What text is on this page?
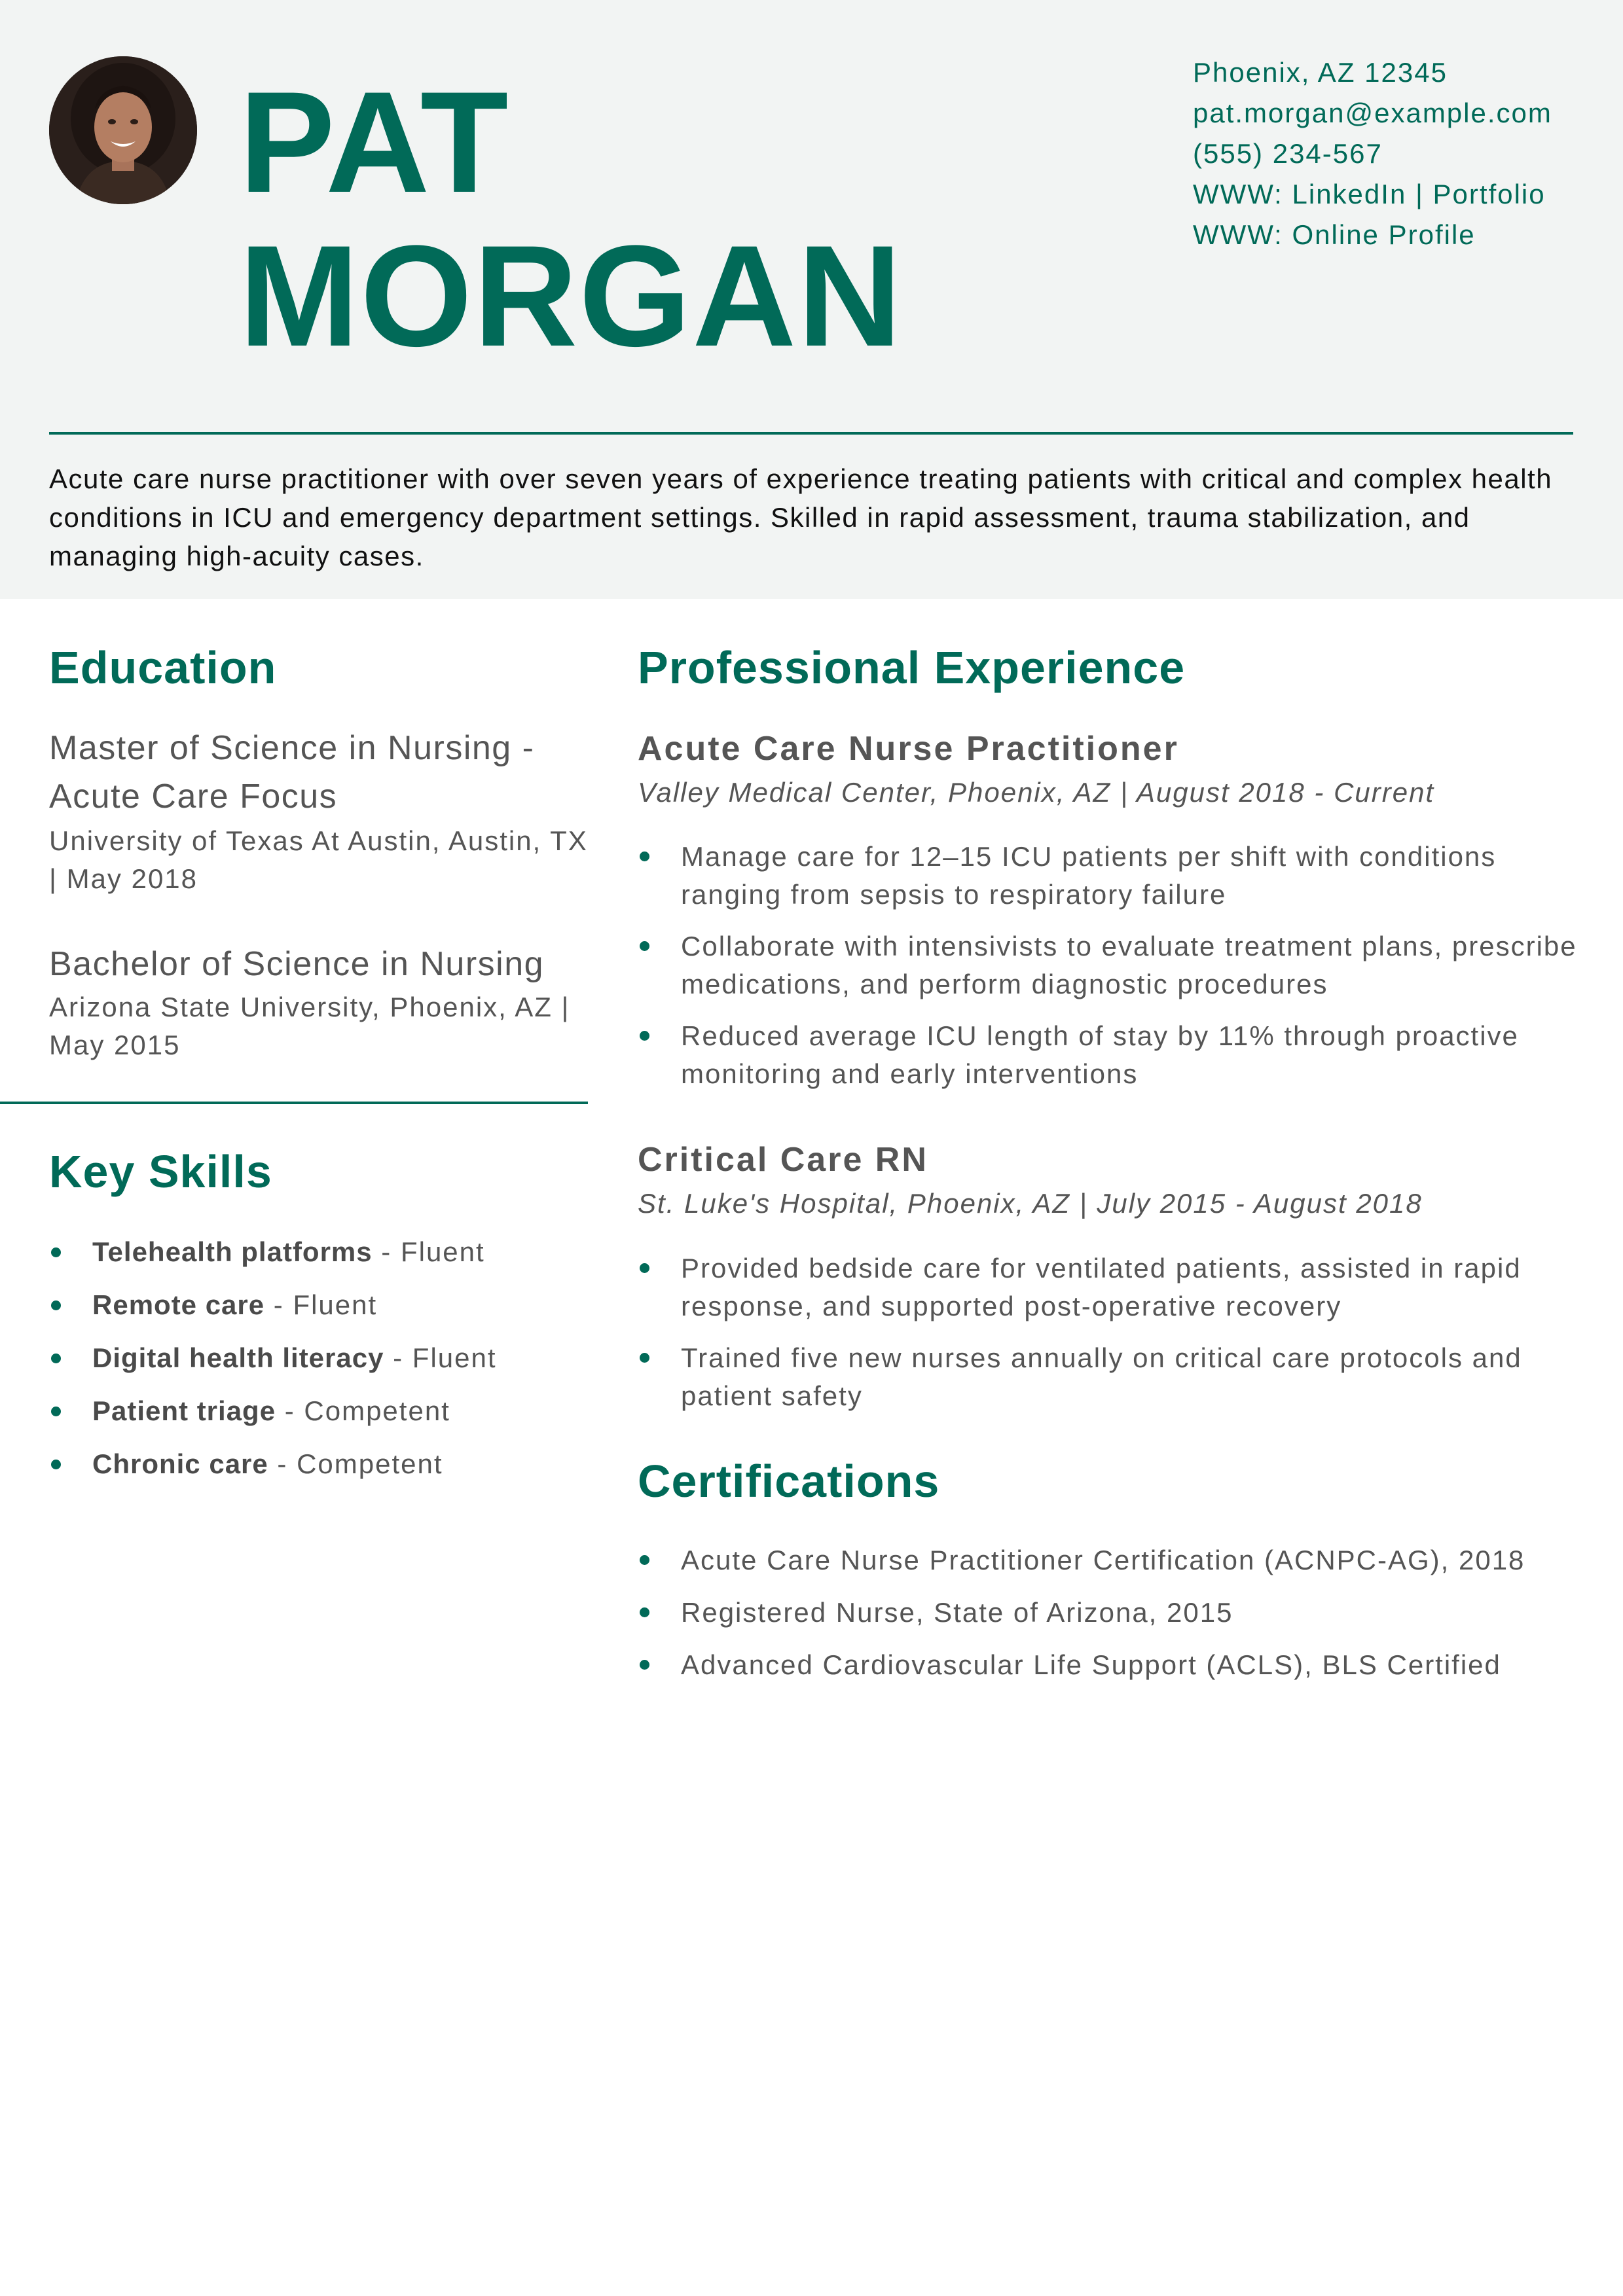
PAT
MORGAN
Phoenix, AZ 12345
pat.morgan@example.com
(555) 234-567
WWW: LinkedIn | Portfolio
WWW: Online Profile

Acute care nurse practitioner with over seven years of experience treating patients with critical and complex health conditions in ICU and emergency department settings. Skilled in rapid assessment, trauma stabilization, and managing high-acuity cases.

Education

Master of Science in Nursing - Acute Care Focus

University of Texas At Austin, Austin, TX | May 2018

Bachelor of Science in Nursing

Arizona State University, Phoenix, AZ | May 2015

Key Skills
Telehealth platforms - Fluent
Remote care - Fluent
Digital health literacy - Fluent
Patient triage - Competent
Chronic care - Competent
Professional Experience
Acute Care Nurse Practitioner

Valley Medical Center, Phoenix, AZ | August 2018 - Current

Manage care for 12–15 ICU patients per shift with conditions ranging from sepsis to respiratory failure
Collaborate with intensivists to evaluate treatment plans, prescribe medications, and perform diagnostic procedures
Reduced average ICU length of stay by 11% through proactive monitoring and early interventions
Critical Care RN

St. Luke's Hospital, Phoenix, AZ | July 2015 - August 2018

Provided bedside care for ventilated patients, assisted in rapid response, and supported post-operative recovery
Trained five new nurses annually on critical care protocols and patient safety
Certifications
Acute Care Nurse Practitioner Certification (ACNPC-AG), 2018
Registered Nurse, State of Arizona, 2015
Advanced Cardiovascular Life Support (ACLS), BLS Certified
